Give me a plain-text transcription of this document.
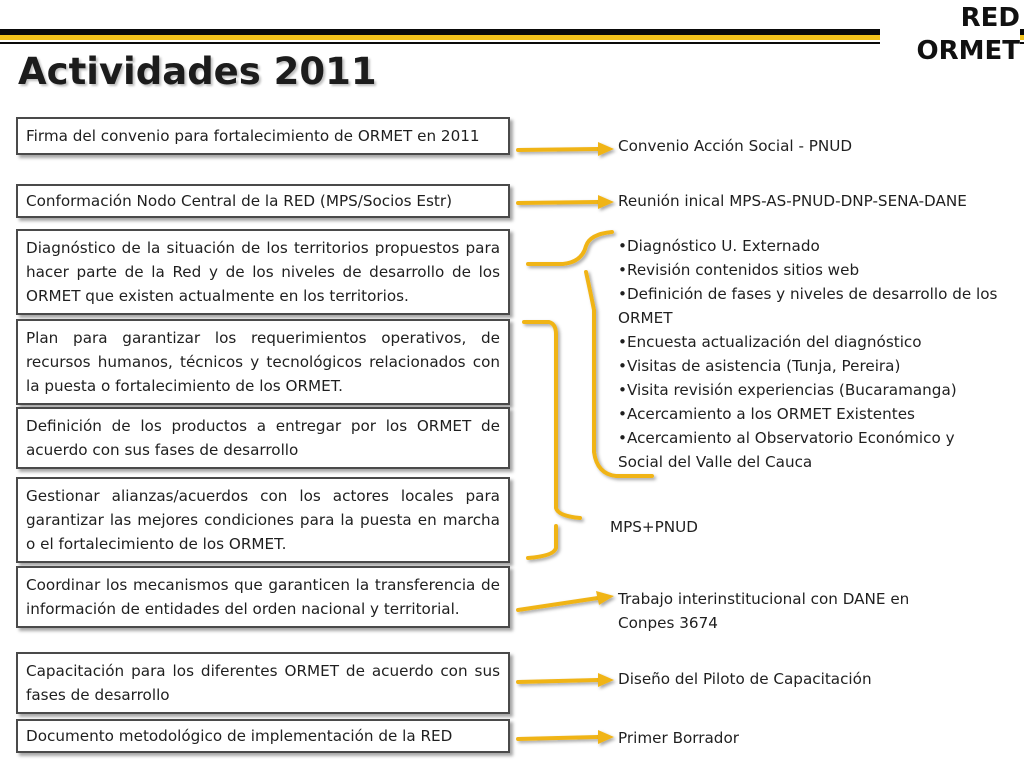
RED
ORMET
Actividades 2011
Firma del convenio para fortalecimiento de ORMET en 2011
Conformación Nodo Central de la RED (MPS/Socios Estr)
Diagnóstico de la situación de los territorios propuestos para hacer parte de la Red y de los niveles de desarrollo de los ORMET que existen actualmente en los territorios.
Plan para garantizar los requerimientos operativos, de recursos humanos, técnicos y tecnológicos relacionados con la puesta o fortalecimiento de los ORMET.
Definición de los productos a entregar por los ORMET de acuerdo con sus fases de desarrollo
Gestionar alianzas/acuerdos con los actores locales para garantizar las mejores condiciones para la puesta en marcha o el fortalecimiento de los ORMET.
Coordinar los mecanismos que garanticen la transferencia de información de entidades del orden nacional y territorial.
Capacitación para los diferentes ORMET de acuerdo con sus fases de desarrollo
Documento metodológico de implementación de la RED
Convenio Acción Social - PNUD
Reunión inical MPS-AS-PNUD-DNP-SENA-DANE
•Diagnóstico U. Externado
•Revisión contenidos sitios web
•Definición de fases y niveles de desarrollo de los ORMET
•Encuesta actualización del diagnóstico
•Visitas de asistencia (Tunja, Pereira)
•Visita revisión experiencias (Bucaramanga)
•Acercamiento a los ORMET Existentes
•Acercamiento al Observatorio Económico y Social del Valle del Cauca
MPS+PNUD
Trabajo interinstitucional con DANE en Conpes 3674
Diseño del Piloto de Capacitación
Primer Borrador
